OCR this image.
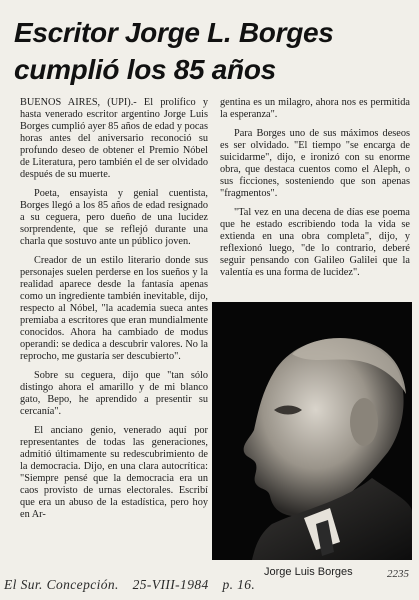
Escritor Jorge L. Borges
cumplió los 85 años

BUENOS AIRES, (UPI).- El prolífico y hasta venerado escritor argentino Jorge Luis Borges cumplió ayer 85 años de edad y pocas horas antes del aniversario reconoció su profundo deseo de obtener el Premio Nóbel de Literatura, pero también el de ser olvidado después de su muerte.

Poeta, ensayista y genial cuentista, Borges llegó a los 85 años de edad resignado a su ceguera, pero dueño de una lucidez sorprendente, que se reflejó durante una charla que sostuvo ante un público joven.

Creador de un estilo literario donde sus personajes suelen perderse en los sueños y la realidad aparece desde la fantasía apenas como un ingrediente también inevitable, dijo, respecto al Nóbel, "la academia sueca antes premiaba a escritores que eran mundialmente conocidos. Ahora ha cambiado de modus operandi: se dedica a descubrir valores. No la reprocho, me gustaría ser descubierto".

Sobre su ceguera, dijo que "tan sólo distingo ahora el amarillo y de mi blanco gato, Bepo, he aprendido a presentir su cercanía".

El anciano genio, venerado aquí por representantes de todas las generaciones, admitió últimamente su redescubrimiento de la democracia. Dijo, en una clara autocrítica: "Siempre pensé que la democracia era un caos provisto de urnas electorales. Escribí que era un abuso de la estadística, pero hoy en Ar-

gentina es un milagro, ahora nos es permitida la esperanza".

Para Borges uno de sus máximos deseos es ser olvidado. "El tiempo "se encarga de suicidarme", dijo, e ironizó con su enorme obra, que destaca cuentos como el Aleph, o sus ficciones, sosteniendo que son apenas "fragmentos".

"Tal vez en una decena de días ese poema que he estado escribiendo toda la vida se extienda en una obra completa", dijo, y reflexionó luego, "de lo contrario, deberé seguir pensando con Galileo Galilei que la valentía es una forma de lucidez".

Jorge Luis Borges	2235
El Sur. Concepción. 25-VIII-1984 p. 16.
